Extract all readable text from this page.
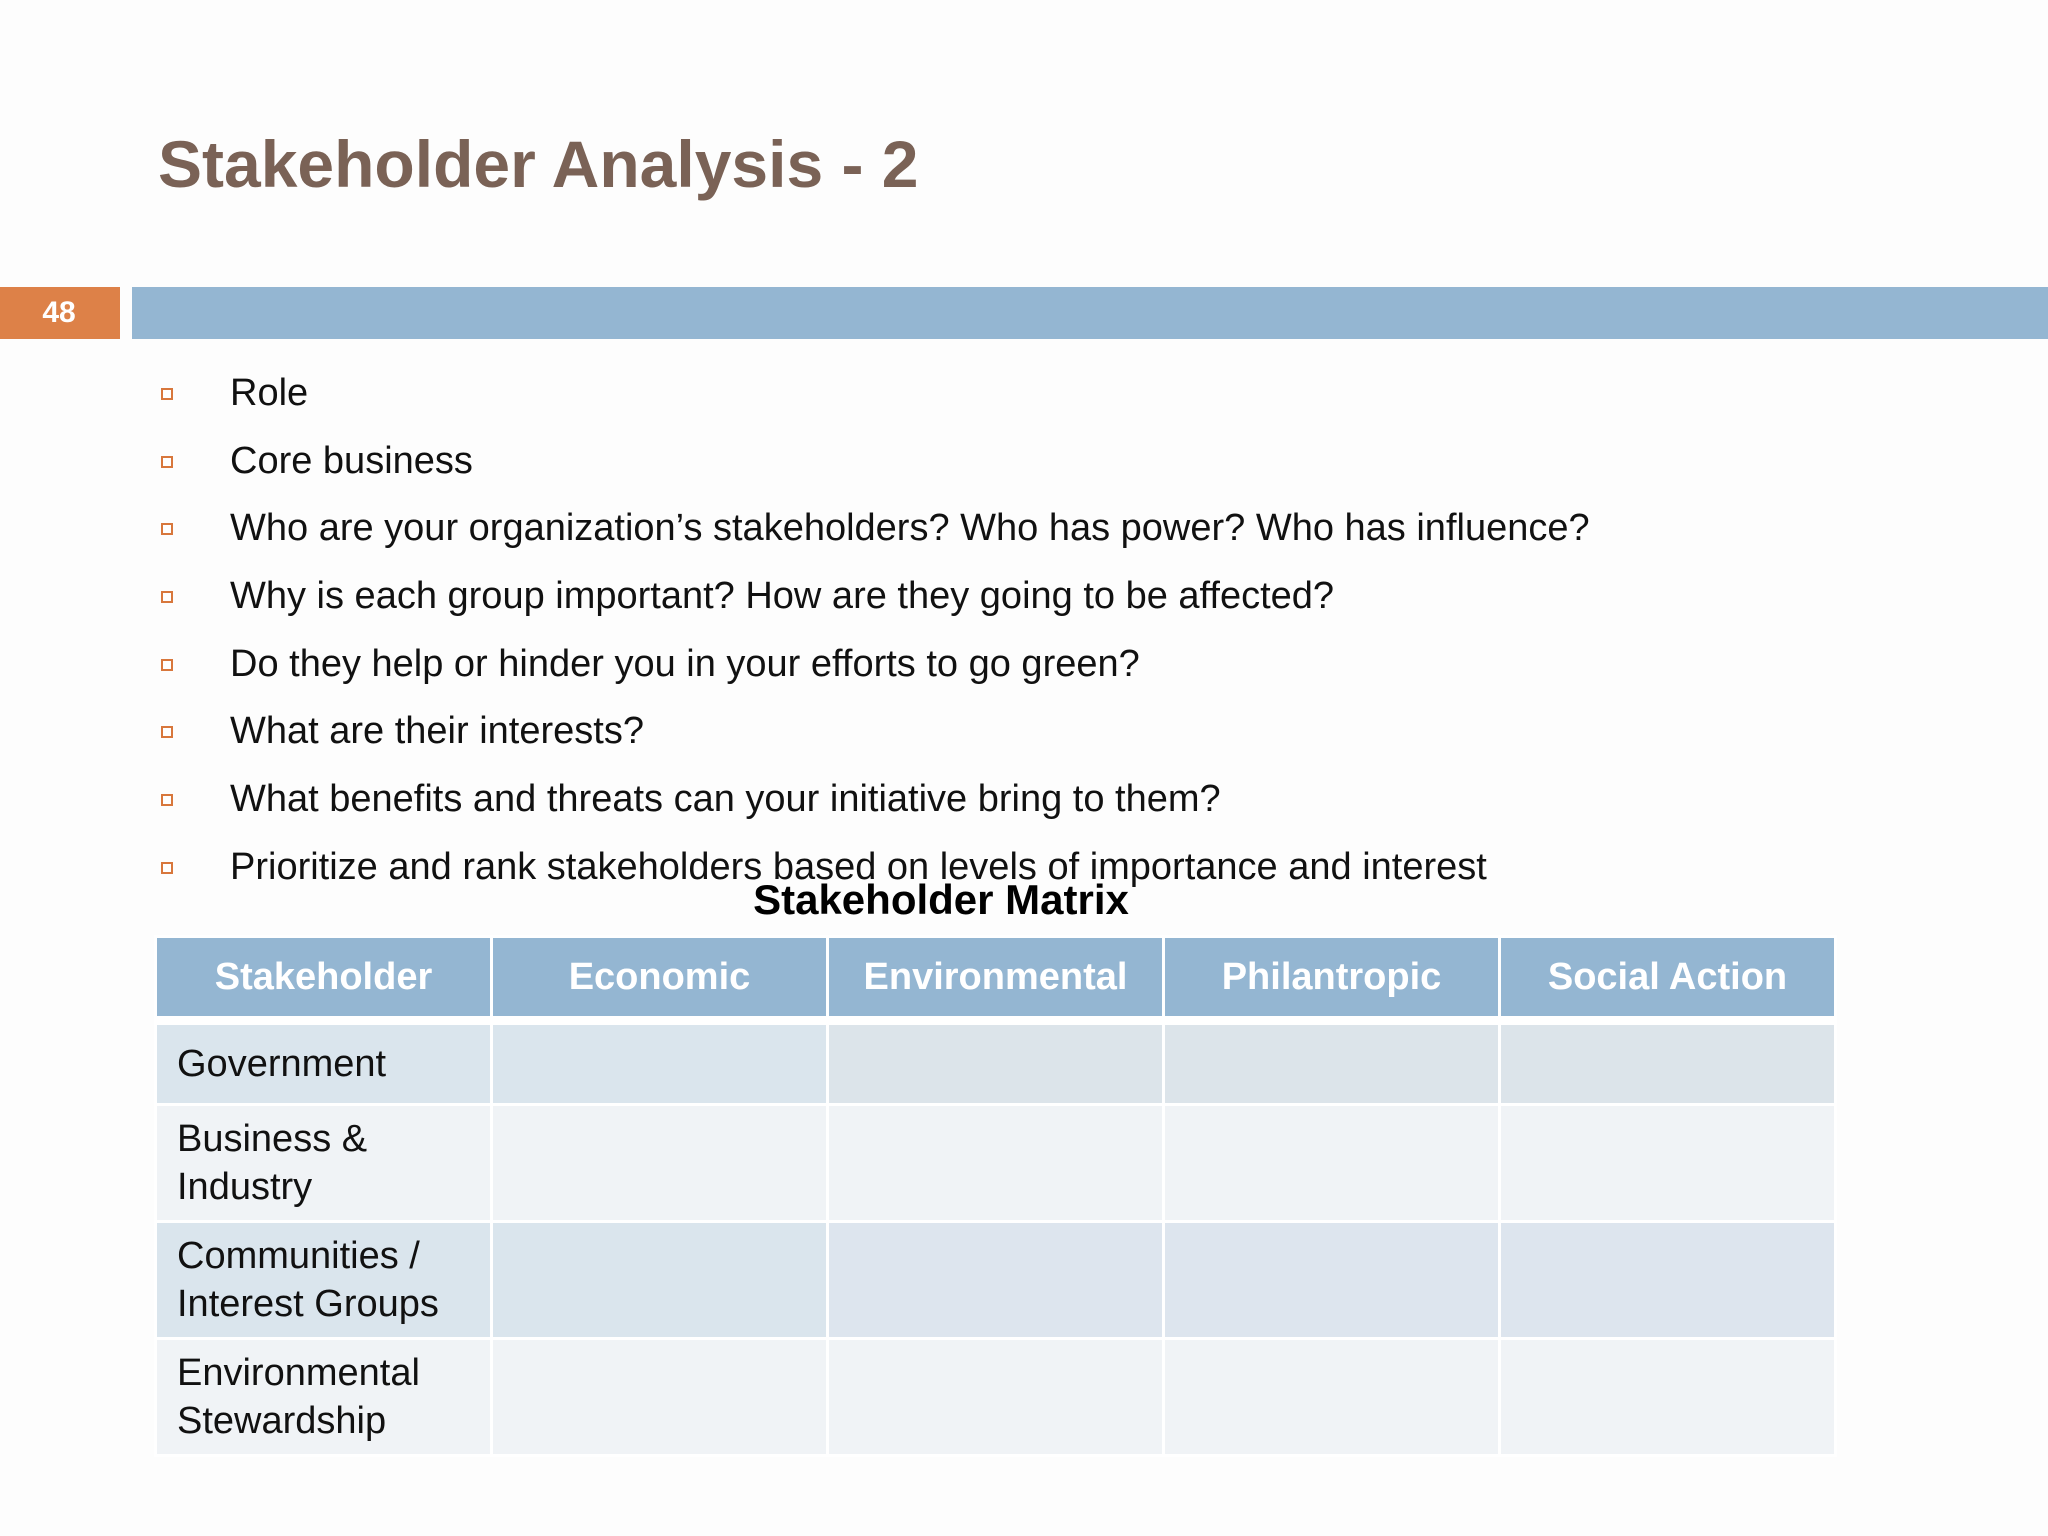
Stakeholder Analysis - 2
48
Role
Core business
Who are your organization’s stakeholders? Who has power? Who has influence?
Why is each group important? How are they going to be affected?
Do they help or hinder you in your efforts to go green?
What are their interests?
What benefits and threats can your initiative bring to them?
Prioritize and rank stakeholders based on levels of importance and interest
Stakeholder Matrix
Stakeholder	Economic	Environmental	Philantropic	Social Action
Government				
Business & Industry				
Communities / Interest Groups				
Environmental Stewardship				
